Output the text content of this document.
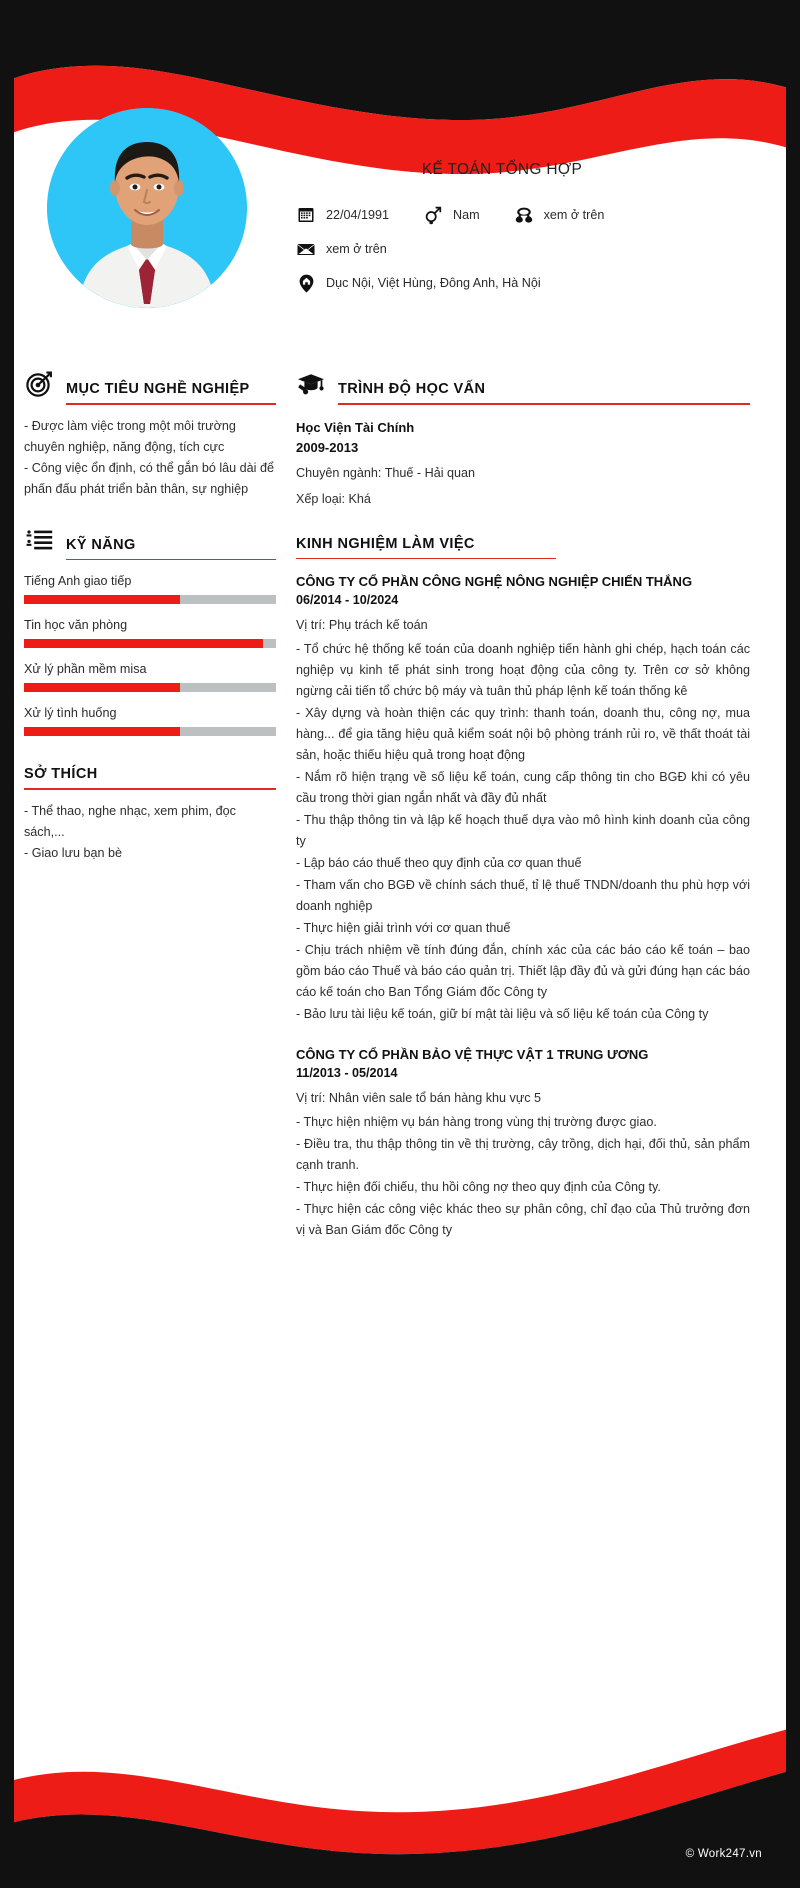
NGUYỄN CAO BIÊN
KẾ TOÁN TỔNG HỢP
22/04/1991	Nam	xem ở trên
xem ở trên
Dục Nội, Việt Hùng, Đông Anh, Hà Nội
MỤC TIÊU NGHỀ NGHIỆP

- Được làm việc trong một môi trường chuyên nghiệp, năng động, tích cực

- Công việc ổn định, có thể gắn bó lâu dài để phấn đấu phát triển bản thân, sự nghiệp

KỸ NĂNG
Tiếng Anh giao tiếp
Tin học văn phòng
Xử lý phần mềm misa
Xử lý tình huống
SỞ THÍCH

- Thể thao, nghe nhạc, xem phim, đọc sách,...

- Giao lưu bạn bè

TRÌNH ĐỘ HỌC VẤN
Học Viện Tài Chính
2009-2013
Chuyên ngành: Thuế - Hải quan
Xếp loại: Khá
KINH NGHIỆM LÀM VIỆC
CÔNG TY CỔ PHẦN CÔNG NGHỆ NÔNG NGHIỆP CHIẾN THẮNG
06/2014 - 10/2024
Vị trí: Phụ trách kế toán

- Tổ chức hệ thống kế toán của doanh nghiệp tiến hành ghi chép, hạch toán các nghiệp vụ kinh tế phát sinh trong hoạt động của công ty. Trên cơ sở không ngừng cải tiến tổ chức bộ máy và tuân thủ pháp lệnh kế toán thống kê

- Xây dựng và hoàn thiện các quy trình: thanh toán, doanh thu, công nợ, mua hàng... để gia tăng hiệu quả kiểm soát nội bộ phòng tránh rủi ro, về thất thoát tài sản, hoặc thiếu hiệu quả trong hoạt động

- Nắm rõ hiện trạng về số liệu kế toán, cung cấp thông tin cho BGĐ khi có yêu cầu trong thời gian ngắn nhất và đầy đủ nhất

- Thu thập thông tin và lập kế hoạch thuế dựa vào mô hình kinh doanh của công ty

- Lập báo cáo thuế theo quy định của cơ quan thuế

- Tham vấn cho BGĐ về chính sách thuế, tỉ lệ thuế TNDN/doanh thu phù hợp với doanh nghiệp

- Thực hiện giải trình với cơ quan thuế

- Chịu trách nhiệm về tính đúng đắn, chính xác của các báo cáo kế toán – bao gồm báo cáo Thuế và báo cáo quản trị. Thiết lập đầy đủ và gửi đúng hạn các báo cáo kế toán cho Ban Tổng Giám đốc Công ty

- Bảo lưu tài liệu kế toán, giữ bí mật tài liệu và số liệu kế toán của Công ty

CÔNG TY CỔ PHẦN BẢO VỆ THỰC VẬT 1 TRUNG ƯƠNG
11/2013 - 05/2014
Vị trí: Nhân viên sale tổ bán hàng khu vực 5

- Thực hiện nhiệm vụ bán hàng trong vùng thị trường được giao.

- Điều tra, thu thập thông tin về thị trường, cây trồng, dịch hại, đối thủ, sản phẩm cạnh tranh.

- Thực hiện đối chiếu, thu hồi công nợ theo quy định của Công ty.

- Thực hiện các công việc khác theo sự phân công, chỉ đạo của Thủ trưởng đơn vị và Ban Giám đốc Công ty

© Work247.vn
